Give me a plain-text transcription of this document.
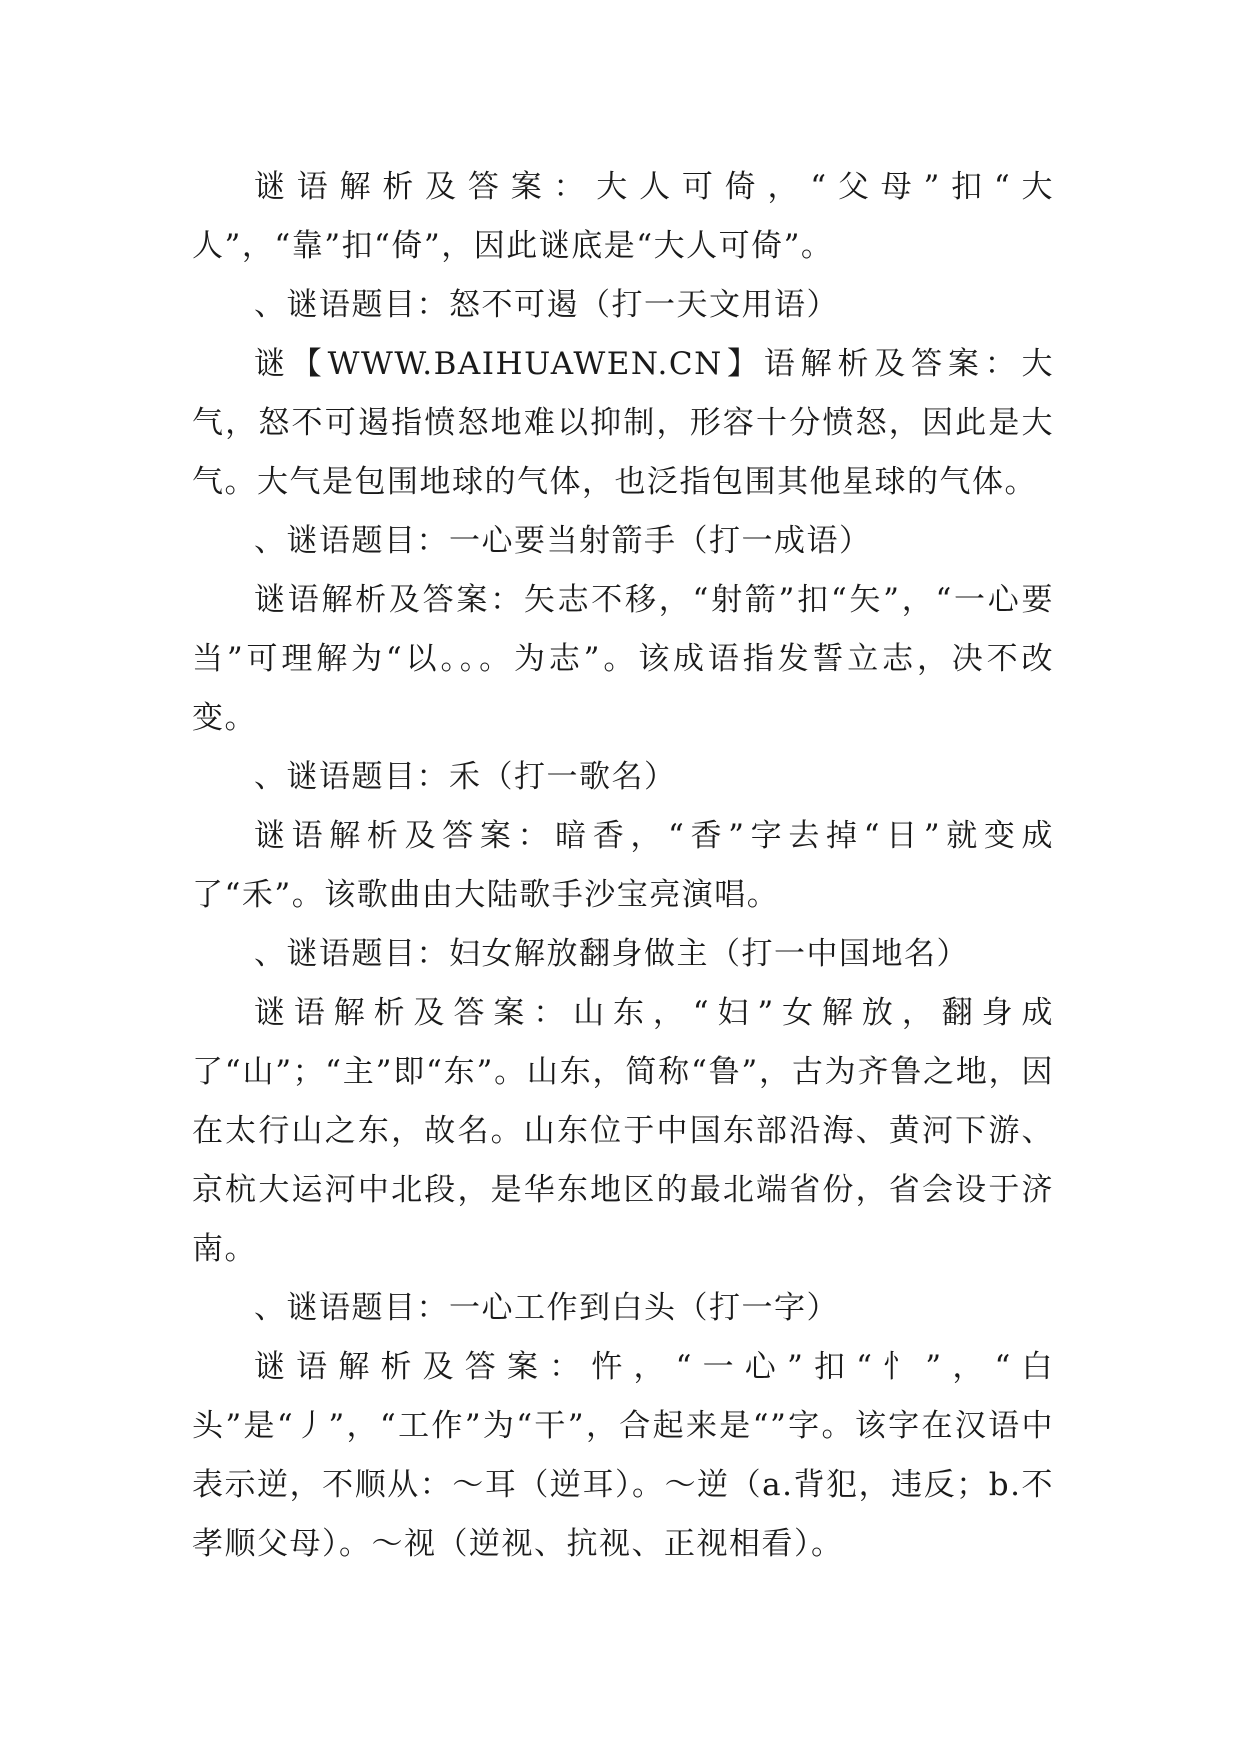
谜语解析及答案：大人可倚，“父母”扣“大人”，“靠”扣“倚”，因此谜底是“大人可倚”。

、谜语题目：怒不可遏（打一天文用语）

谜【WWW.BAIHUAWEN.CN】语解析及答案：大气，怒不可遏指愤怒地难以抑制，形容十分愤怒，因此是大气。大气是包围地球的气体，也泛指包围其他星球的气体。

、谜语题目：一心要当射箭手（打一成语）

谜语解析及答案：矢志不移，“射箭”扣“矢”，“一心要当”可理解为“以。。。为志”。该成语指发誓立志，决不改变。

、谜语题目：禾（打一歌名）

谜语解析及答案：暗香，“香”字去掉“日”就变成了“禾”。该歌曲由大陆歌手沙宝亮演唱。

、谜语题目：妇女解放翻身做主（打一中国地名）

谜语解析及答案：山东，“妇”女解放，翻身成了“山”；“主”即“东”。山东，简称“鲁”，古为齐鲁之地，因在太行山之东，故名。山东位于中国东部沿海、黄河下游、京杭大运河中北段，是华东地区的最北端省份，省会设于济南。

、谜语题目：一心工作到白头（打一字）

谜语解析及答案：忤，“一心”扣“忄”，“白头”是“丿”，“工作”为“干”，合起来是“”字。该字在汉语中表示逆，不顺从：～耳（逆耳）。～逆（a.背犯，违反；b.不孝顺父母）。～视（逆视、抗视、正视相看）。
